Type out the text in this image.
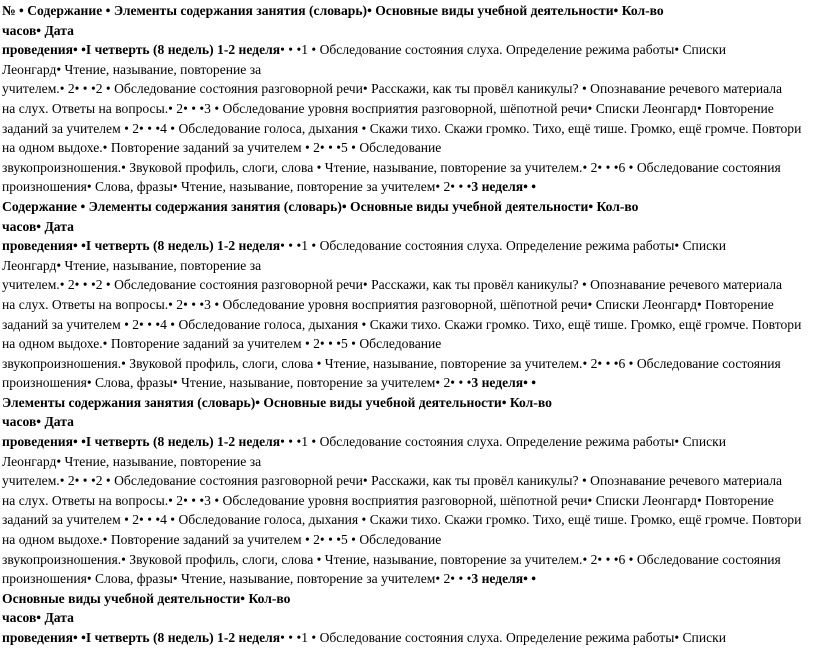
№ • Содержание • Элементы содержания занятия (словарь)• Основные виды учебной деятельности• Кол-во
часов• Дата
проведения• •I четверть (8 недель) 1-2 неделя• • •1 • Обследование состояния слуха. Определение режима работы• Списки
Леонгард• Чтение, называние, повторение за
учителем.• 2• • •2 • Обследование состояния разговорной речи• Расскажи, как ты провёл каникулы? • Опознавание речевого материала
на слух. Ответы на вопросы.• 2• • •3 • Обследование уровня восприятия разговорной, шёпотной речи• Списки Леонгард• Повторение
заданий за учителем • 2• • •4 • Обследование голоса, дыхания • Скажи тихо. Скажи громко. Тихо, ещё тише. Громко, ещё громче. Повтори
на одном выдохе.• Повторение заданий за учителем • 2• • •5 • Обследование
звукопроизношения.• Звуковой профиль, слоги, слова • Чтение, называние, повторение за учителем.• 2• • •6 • Обследование состояния
произношения• Слова, фразы• Чтение, называние, повторение за учителем• 2• • •3 неделя• •
Содержание • Элементы содержания занятия (словарь)• Основные виды учебной деятельности• Кол-во
часов• Дата
проведения• •I четверть (8 недель) 1-2 неделя• • •1 • Обследование состояния слуха. Определение режима работы• Списки
Леонгард• Чтение, называние, повторение за
учителем.• 2• • •2 • Обследование состояния разговорной речи• Расскажи, как ты провёл каникулы? • Опознавание речевого материала
на слух. Ответы на вопросы.• 2• • •3 • Обследование уровня восприятия разговорной, шёпотной речи• Списки Леонгард• Повторение
заданий за учителем • 2• • •4 • Обследование голоса, дыхания • Скажи тихо. Скажи громко. Тихо, ещё тише. Громко, ещё громче. Повтори
на одном выдохе.• Повторение заданий за учителем • 2• • •5 • Обследование
звукопроизношения.• Звуковой профиль, слоги, слова • Чтение, называние, повторение за учителем.• 2• • •6 • Обследование состояния
произношения• Слова, фразы• Чтение, называние, повторение за учителем• 2• • •3 неделя• •
Элементы содержания занятия (словарь)• Основные виды учебной деятельности• Кол-во
часов• Дата
проведения• •I четверть (8 недель) 1-2 неделя• • •1 • Обследование состояния слуха. Определение режима работы• Списки
Леонгард• Чтение, называние, повторение за
учителем.• 2• • •2 • Обследование состояния разговорной речи• Расскажи, как ты провёл каникулы? • Опознавание речевого материала
на слух. Ответы на вопросы.• 2• • •3 • Обследование уровня восприятия разговорной, шёпотной речи• Списки Леонгард• Повторение
заданий за учителем • 2• • •4 • Обследование голоса, дыхания • Скажи тихо. Скажи громко. Тихо, ещё тише. Громко, ещё громче. Повтори
на одном выдохе.• Повторение заданий за учителем • 2• • •5 • Обследование
звукопроизношения.• Звуковой профиль, слоги, слова • Чтение, называние, повторение за учителем.• 2• • •6 • Обследование состояния
произношения• Слова, фразы• Чтение, называние, повторение за учителем• 2• • •3 неделя• •
Основные виды учебной деятельности• Кол-во
часов• Дата
проведения• •I четверть (8 недель) 1-2 неделя• • •1 • Обследование состояния слуха. Определение режима работы• Списки
